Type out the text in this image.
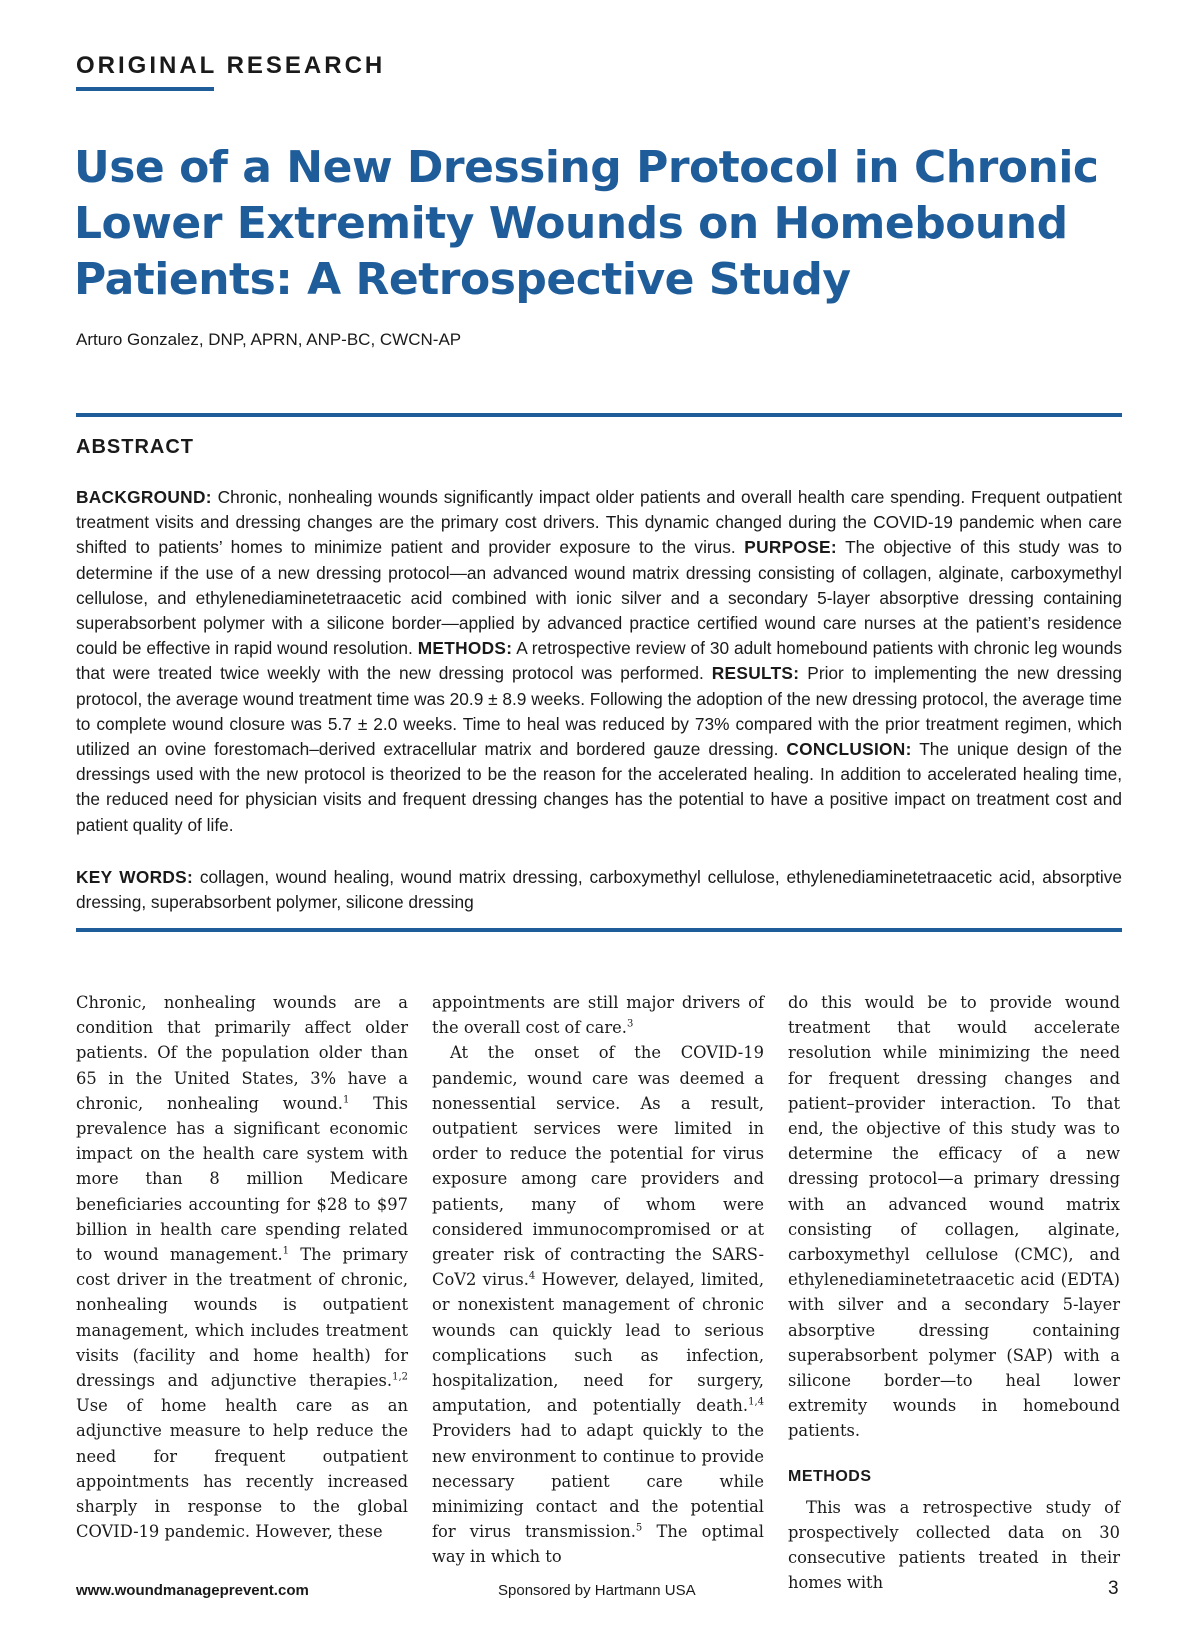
ORIGINAL RESEARCH
Use of a New Dressing Protocol in Chronic Lower Extremity Wounds on Homebound Patients: A Retrospective Study
Arturo Gonzalez, DNP, APRN, ANP-BC, CWCN-AP
ABSTRACT

BACKGROUND: Chronic, nonhealing wounds significantly impact older patients and overall health care spending. Frequent outpatient treatment visits and dressing changes are the primary cost drivers. This dynamic changed during the COVID-19 pandemic when care shifted to patients’ homes to minimize patient and provider exposure to the virus. PURPOSE: The objective of this study was to determine if the use of a new dressing protocol—an advanced wound matrix dressing consisting of collagen, alginate, carboxymethyl cellulose, and ethylenediaminetetraacetic acid combined with ionic silver and a secondary 5-layer absorptive dressing containing superabsorbent polymer with a silicone border—applied by advanced practice certified wound care nurses at the patient’s residence could be effective in rapid wound resolution. METHODS: A retrospective review of 30 adult homebound patients with chronic leg wounds that were treated twice weekly with the new dressing protocol was performed. RESULTS: Prior to implementing the new dressing protocol, the average wound treatment time was 20.9 ± 8.9 weeks. Following the adoption of the new dressing protocol, the average time to complete wound closure was 5.7 ± 2.0 weeks. Time to heal was reduced by 73% compared with the prior treatment regimen, which utilized an ovine forestomach–derived extracellular matrix and bordered gauze dressing. CONCLUSION: The unique design of the dressings used with the new protocol is theorized to be the reason for the accelerated healing. In addition to accelerated healing time, the reduced need for physician visits and frequent dressing changes has the potential to have a positive impact on treatment cost and patient quality of life.

KEY WORDS: collagen, wound healing, wound matrix dressing, carboxymethyl cellulose, ethylenediaminetetraacetic acid, absorptive dressing, superabsorbent polymer, silicone dressing

Chronic, nonhealing wounds are a condition that primarily affect older patients. Of the population older than 65 in the United States, 3% have a chronic, nonhealing wound.$^1$ This prevalence has a significant economic impact on the health care system with more than 8 million Medicare beneficiaries accounting for $28 to $97 billion in health care spending related to wound management.$^1$ The primary cost driver in the treatment of chronic, nonhealing wounds is outpatient management, which includes treatment visits (facility and home health) for dressings and adjunctive therapies.$^{1,2}$ Use of home health care as an adjunctive measure to help reduce the need for frequent outpatient appointments has recently increased sharply in response to the global COVID-19 pandemic. However, these

appointments are still major drivers of the overall cost of care.$^3$

At the onset of the COVID-19 pandemic, wound care was deemed a nonessential service. As a result, outpatient services were limited in order to reduce the potential for virus exposure among care providers and patients, many of whom were considered immunocompromised or at greater risk of contracting the SARS-CoV2 virus.$^4$ However, delayed, limited, or nonexistent management of chronic wounds can quickly lead to serious complications such as infection, hospitalization, need for surgery, amputation, and potentially death.$^{1,4}$ Providers had to adapt quickly to the new environment to continue to provide necessary patient care while minimizing contact and the potential for virus transmission.$^5$ The optimal way in which to

do this would be to provide wound treatment that would accelerate resolution while minimizing the need for frequent dressing changes and patient–provider interaction. To that end, the objective of this study was to determine the efficacy of a new dressing protocol—a primary dressing with an advanced wound matrix consisting of collagen, alginate, carboxymethyl cellulose (CMC), and ethylenediaminetetraacetic acid (EDTA) with silver and a secondary 5-layer absorptive dressing containing superabsorbent polymer (SAP) with a silicone border—to heal lower extremity wounds in homebound patients.

METHODS

This was a retrospective study of prospectively collected data on 30 consecutive patients treated in their homes with

www.woundmanageprevent.com	Sponsored by Hartmann USA	3
